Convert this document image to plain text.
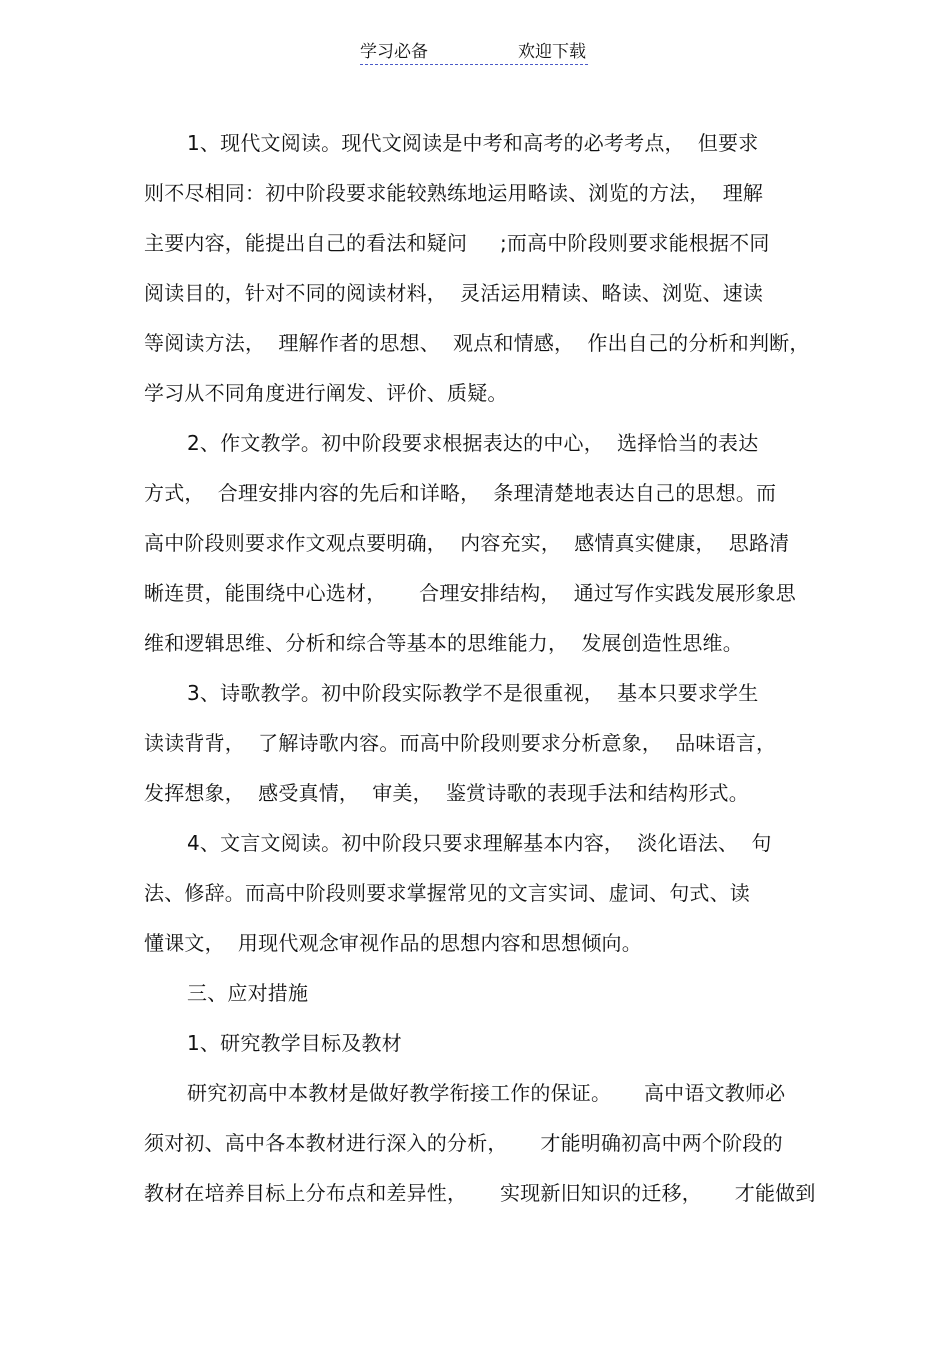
学习必备	欢迎下载
1、现代文阅读。现代文阅读是中考和高考的必考考点，  但要求
则不尽相同：初中阶段要求能较熟练地运用略读、浏览的方法，  理解
主要内容，能提出自己的看法和疑问     ;而高中阶段则要求能根据不同
阅读目的，针对不同的阅读材料，  灵活运用精读、略读、浏览、速读
等阅读方法，  理解作者的思想、  观点和情感，  作出自己的分析和判断，
学习从不同角度进行阐发、评价、质疑。
2、作文教学。初中阶段要求根据表达的中心，  选择恰当的表达
方式，  合理安排内容的先后和详略，  条理清楚地表达自己的思想。而
高中阶段则要求作文观点要明确，  内容充实，  感情真实健康，  思路清
晰连贯，能围绕中心选材，     合理安排结构，  通过写作实践发展形象思
维和逻辑思维、分析和综合等基本的思维能力，  发展创造性思维。
3、诗歌教学。初中阶段实际教学不是很重视，  基本只要求学生
读读背背，  了解诗歌内容。而高中阶段则要求分析意象，  品味语言，
发挥想象，  感受真情，  审美，  鉴赏诗歌的表现手法和结构形式。
4、文言文阅读。初中阶段只要求理解基本内容，  淡化语法、  句
法、修辞。而高中阶段则要求掌握常见的文言实词、虚词、句式、读
懂课文，  用现代观念审视作品的思想内容和思想倾向。
三、应对措施
1、研究教学目标及教材
研究初高中本教材是做好教学衔接工作的保证。     高中语文教师必
须对初、高中各本教材进行深入的分析，     才能明确初高中两个阶段的
教材在培养目标上分布点和差异性，     实现新旧知识的迁移，     才能做到
